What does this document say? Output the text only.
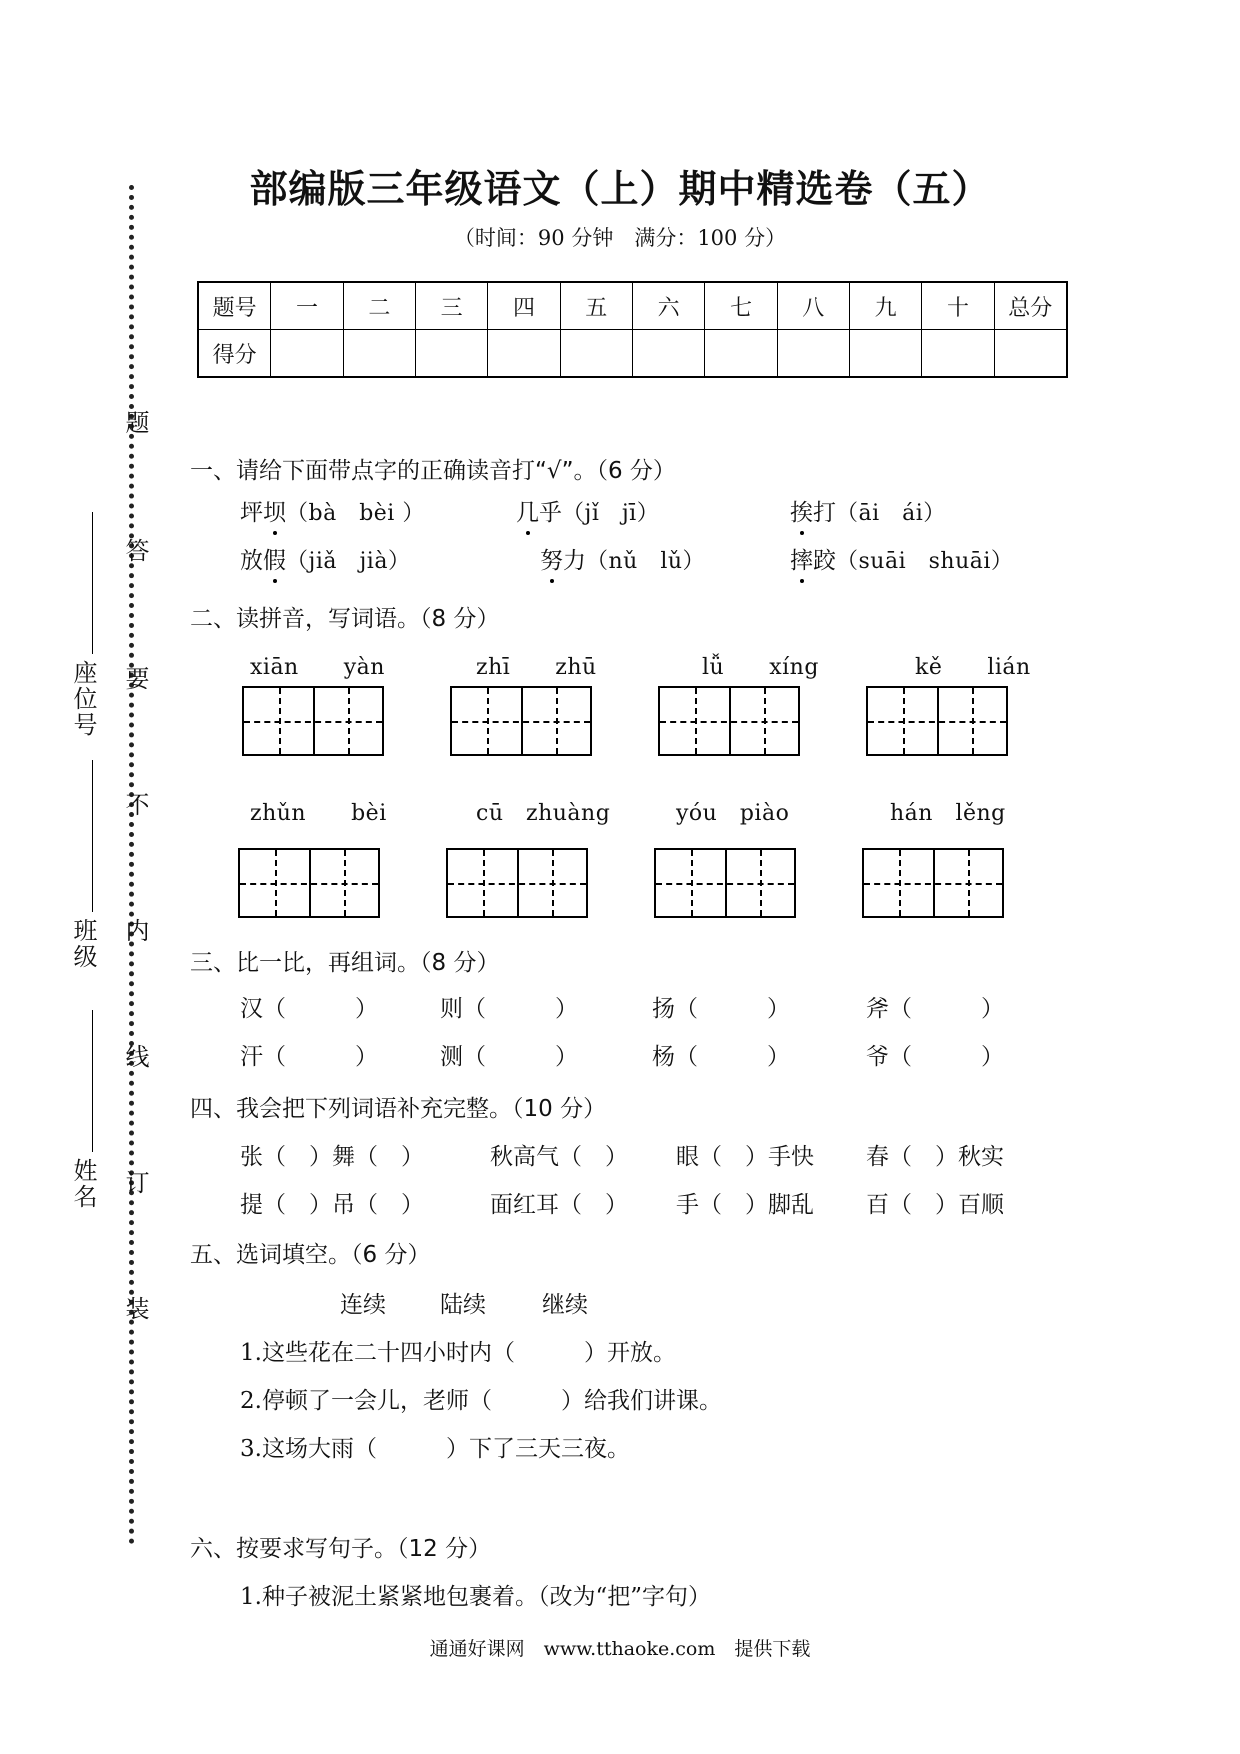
部编版三年级语文（上）期中精选卷（五）
（时间：90 分钟　满分：100 分）
题号	一	二	三	四	五	六	七	八	九	十	总分
得分											
题
答
要
不
内
线
订
装
座位号
班级
姓名
一、请给下面带点字的正确读音打“√”。（6 分）
坪坝（bà　bèi ）	几乎（jǐ　jī）	挨打（āi　ái）
放假（jiǎ　jià）	努力（nǔ　lǔ）	摔跤（suāi　shuāi）
二、读拼音，写词语。（8 分）
xiān　　yàn	zhī　　zhū	lǚ　　xíng	kě　　lián
zhǔn　　bèi	cū　zhuàng	yóu　piào	hán　lěng
三、比一比，再组词。（8 分）
汉（　　　）	则（　　　）	扬（　　　）	斧（　　　）
汗（　　　）	测（　　　）	杨（　　　）	爷（　　　）
四、我会把下列词语补充完整。（10 分）
张（　）舞（　）	秋高气（　） 眼（　）手快 春（　）秋实
提（　）吊（　）	面红耳（　） 手（　）脚乱 百（　）百顺
五、选词填空。（6 分）
连续 陆续 继续
1.这些花在二十四小时内（　　　）开放。
2.停顿了一会儿，老师（　　　）给我们讲课。
3.这场大雨（　　　）下了三天三夜。
六、按要求写句子。（12 分）
1.种子被泥土紧紧地包裹着。（改为“把”字句）
通通好课网　www.tthaoke.com　提供下载
